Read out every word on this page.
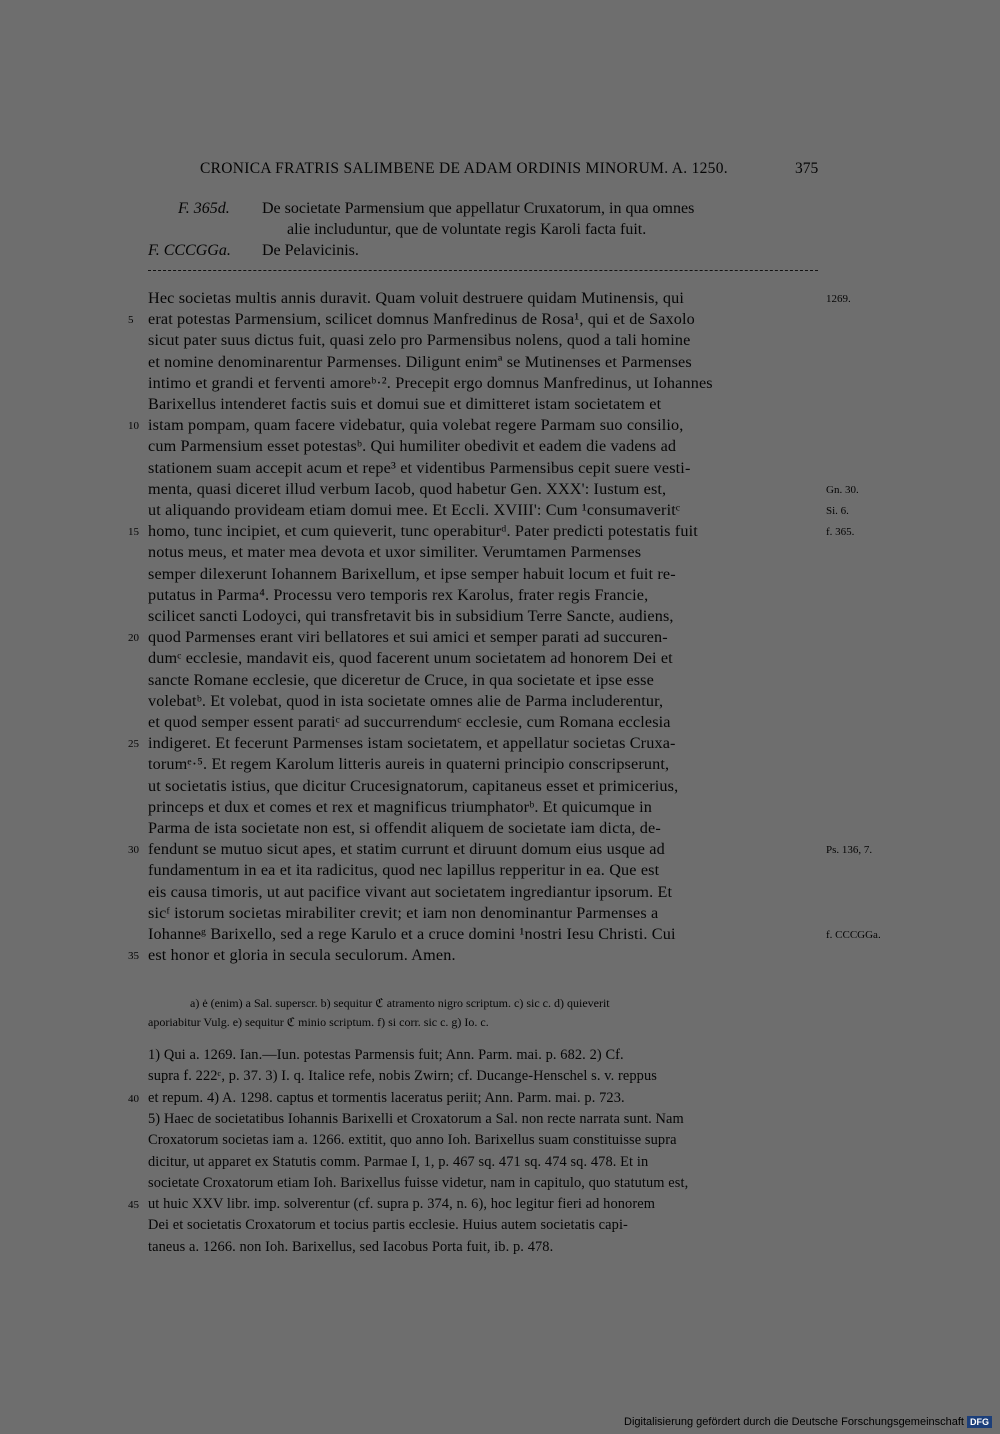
CRONICA FRATRIS SALIMBENE DE ADAM ORDINIS MINORUM. A. 1250.	375
F. 365d. De societate Parmensium que appellatur Cruxatorum, in qua omnes
alie includuntur, que de voluntate regis Karoli facta fuit.
F. CCCGGa. De Pelavicinis.
Hec societas multis annis duravit. Quam voluit destruere quidam Mutinensis, qui	1269.
erat potestas Parmensium, scilicet domnus Manfredinus de Rosa¹, qui et de Saxolo
5
sicut pater suus dictus fuit, quasi zelo pro Parmensibus nolens, quod a tali homine
et nomine denominarentur Parmenses. Diligunt enimª se Mutinenses et Parmenses
intimo et grandi et ferventi amoreᵇ·². Precepit ergo domnus Manfredinus, ut Iohannes
Barixellus intenderet factis suis et domui sue et dimitteret istam societatem et
istam pompam, quam facere videbatur, quia volebat regere Parmam suo consilio,
10
cum Parmensium esset potestasᵇ. Qui humiliter obedivit et eadem die vadens ad
stationem suam accepit acum et repe³ et videntibus Parmensibus cepit suere vesti-
menta, quasi diceret illud verbum Iacob, quod habetur Gen. XXX': Iustum est,	Gn. 30.
ut aliquando provideam etiam domui mee. Et Eccli. XVIII': Cum ¹consumaveritᶜ	Si. 6.
homo, tunc incipiet, et cum quieverit, tunc operabiturᵈ. Pater predicti potestatis fuit
15	f. 365.
notus meus, et mater mea devota et uxor similiter. Verumtamen Parmenses
semper dilexerunt Iohannem Barixellum, et ipse semper habuit locum et fuit re-
putatus in Parma⁴. Processu vero temporis rex Karolus, frater regis Francie,
scilicet sancti Lodoyci, qui transfretavit bis in subsidium Terre Sancte, audiens,
quod Parmenses erant viri bellatores et sui amici et semper parati ad succuren-
20
dumᶜ ecclesie, mandavit eis, quod facerent unum societatem ad honorem Dei et
sancte Romane ecclesie, que diceretur de Cruce, in qua societate et ipse esse
volebatᵇ. Et volebat, quod in ista societate omnes alie de Parma includerentur,
et quod semper essent paratiᶜ ad succurrendumᶜ ecclesie, cum Romana ecclesia
indigeret. Et fecerunt Parmenses istam societatem, et appellatur societas Cruxa-
25
torumᵉ·⁵. Et regem Karolum litteris aureis in quaterni principio conscripserunt,
ut societatis istius, que dicitur Crucesignatorum, capitaneus esset et primicerius,
princeps et dux et comes et rex et magnificus triumphatorᵇ. Et quicumque in
Parma de ista societate non est, si offendit aliquem de societate iam dicta, de-
fendunt se mutuo sicut apes, et statim currunt et diruunt domum eius usque ad
30	Ps. 136, 7.
fundamentum in ea et ita radicitus, quod nec lapillus repperitur in ea. Que est
eis causa timoris, ut aut pacifice vivant aut societatem ingrediantur ipsorum. Et
sicᶠ istorum societas mirabiliter crevit; et iam non denominantur Parmenses a
Iohanneᵍ Barixello, sed a rege Karulo et a cruce domini ¹nostri Iesu Christi. Cui	f. CCCGGa.
est honor et gloria in secula seculorum. Amen.
35
a) ė (enim) a Sal. superscr. b) sequitur ℭ atramento nigro scriptum. c) sic c. d) quieverit
aporiabitur Vulg. e) sequitur ℭ minio scriptum. f) si corr. sic c. g) Io. c.
1) Qui a. 1269. Ian.—Iun. potestas Parmensis fuit; Ann. Parm. mai. p. 682. 2) Cf.
supra f. 222ᶜ, p. 37. 3) I. q. Italice refe, nobis Zwirn; cf. Ducange-Henschel s. v. reppus
et repum. 4) A. 1298. captus et tormentis laceratus periit; Ann. Parm. mai. p. 723.
40
5) Haec de societatibus Iohannis Barixelli et Croxatorum a Sal. non recte narrata sunt. Nam
Croxatorum societas iam a. 1266. extitit, quo anno Ioh. Barixellus suam constituisse supra
dicitur, ut apparet ex Statutis comm. Parmae I, 1, p. 467 sq. 471 sq. 474 sq. 478. Et in
societate Croxatorum etiam Ioh. Barixellus fuisse videtur, nam in capitulo, quo statutum est,
ut huic XXV libr. imp. solverentur (cf. supra p. 374, n. 6), hoc legitur fieri ad honorem
45
Dei et societatis Croxatorum et tocius partis ecclesie. Huius autem societatis capi-
taneus a. 1266. non Ioh. Barixellus, sed Iacobus Porta fuit, ib. p. 478.
Digitalisierung gefördert durch die Deutsche Forschungsgemeinschaft DFG
